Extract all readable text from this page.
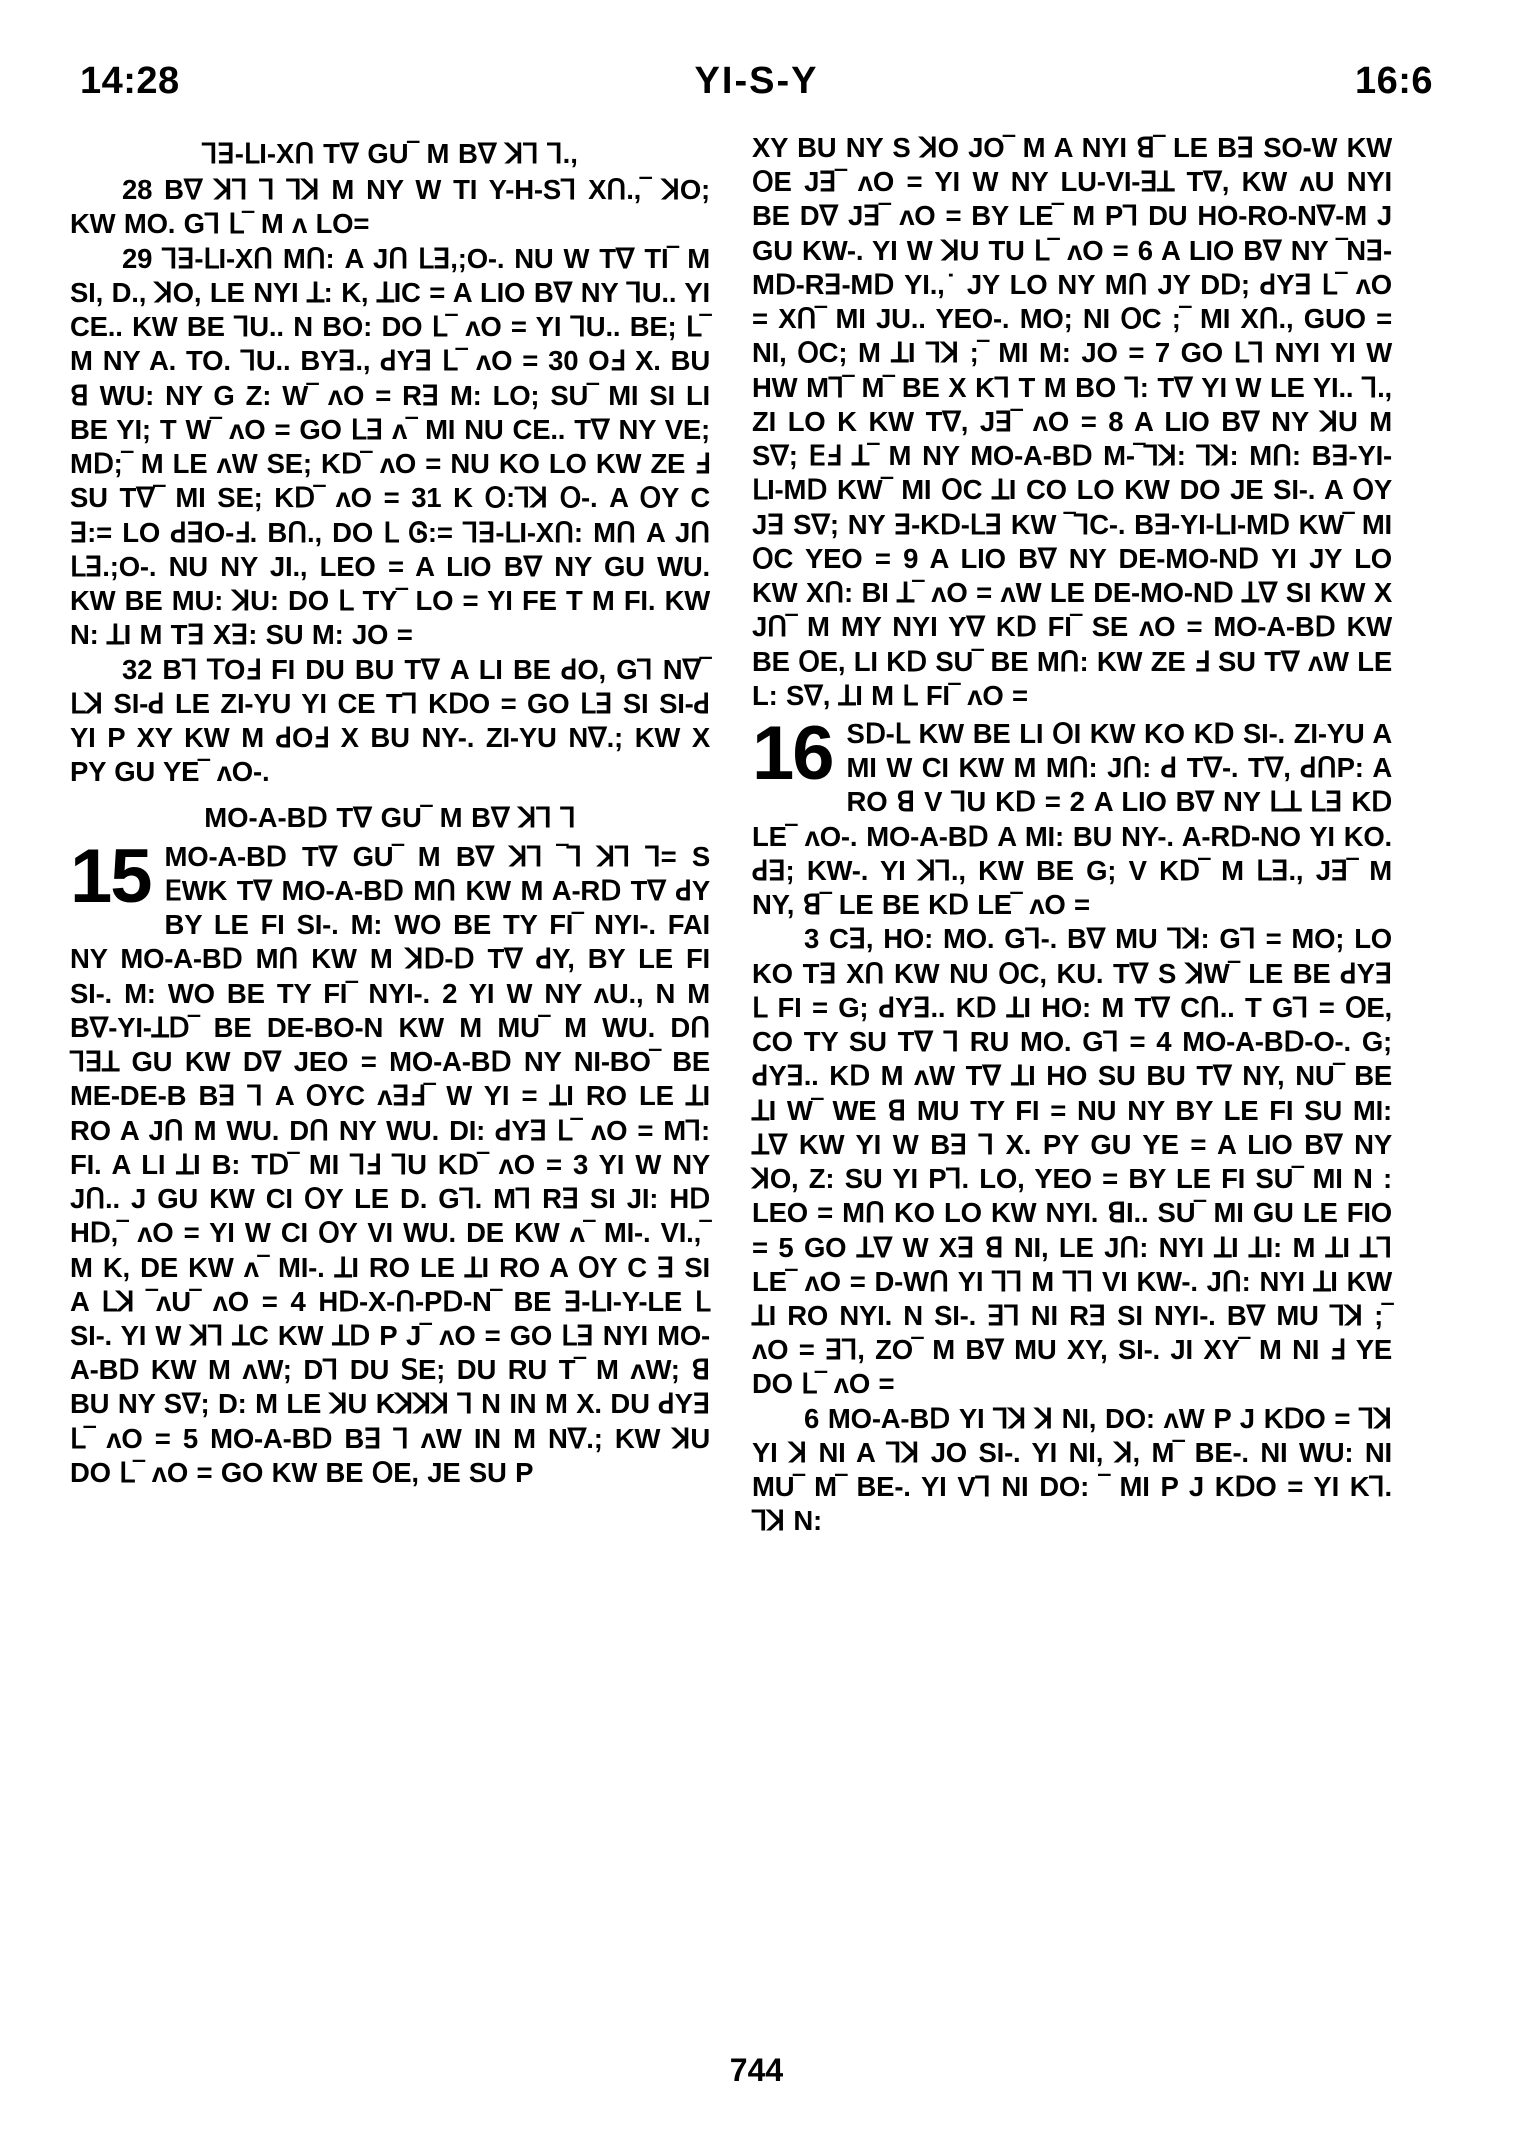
14:28	YI-S-Y	16:6
ꓶꓱ-ꓡI-Xꓵ Tᐁ GU‾ M Bᐁ ꓘꓶ ꓶ.,

28 Bᐁ ꓘꓶ ꓶ ꓶꓘ M NY W TI Y-H-Sꓶ Xꓵ.,‾ ꓘO; KW MO. Gꓶ ꓡ‾ M ᴧ LO=

29 ꓶꓱ-ꓡI-Xꓵ Mꓵ: A Jꓵ ꓡꓱ,;O-. NU W Tᐁ TI‾ M SI, D., ꓘO, LE NYI ꓕ: K, ꓕIC = A LIO Bᐁ NY ꓶU.. YI CE.. KW BE ꓶU.. N BO: DO ꓡ‾ ᴧO = YI ꓶU.. BE; ꓡ‾ M NY A. TO. ꓶU.. BYꓱ., ꓒYꓱ ꓡ‾ ᴧO = 30 Oꓞ X. BU ꓭ WU: NY G Z: W‾ ᴧO = Rꓱ M: LO; SU‾ MI SI LI BE YI; T W‾ ᴧO = GO ꓡꓱ ᴧ‾ MI NU CE.. Tᐁ NY VE; Mꓓ;‾ M LE ᴧW SE; Kꓓ‾ ᴧO = NU KO LO KW ZE ꓞ SU Tᐁ‾ MI SE; Kꓓ‾ ᴧO = 31 K ꓳ:ꓶꓘ ꓳ-. A ꓳY C ꓱ:= LO ꓒꓱO-ꓞ. Bꓵ., DO ꓡ Ꮆ:= ꓶꓱ-ꓡI-Xꓵ: Mꓵ A Jꓵ ꓡꓱ.;O-. NU NY JI., LEO = A LIO Bᐁ NY GU WU. KW BE MU: ꓘU: DO ꓡ TY‾ LO = YI FE T M FI. KW N: ꓕI M Tꓱ Xꓱ: SU M: JO =

32 Bꓶ ꓔOꓞ FI DU BU Tᐁ A LI BE ꓒO, Gꓶ Nᐁ‾ ꓡꓘ SI-ꓒ LE ZI-YU YI CE Tꓶ KꓓO = GO ꓡꓱ SI SI-ꓒ YI P XY KW M ꓒOꓞ X BU NY-. ZI-YU Nᐁ.; KW X PY GU YE‾ ᴧO-.

MO-A-Bꓓ Tᐁ GU‾ M Bᐁ ꓘꓶ ꓶ
15 MO-A-Bꓓ Tᐁ GU‾ M Bᐁ ꓘꓶ ‾ꓶ ꓘꓶ ꓶ= S ꓰWK Tᐁ MO-A-Bꓓ Mꓵ KW M A-Rꓓ Tᐁ ꓒY BY LE FI SI-. M: WO BE TY FI‾ NYI-. FAI NY MO-A-Bꓓ Mꓵ KW M ꓘꓓ-ꓓ Tᐁ ꓒY, BY LE FI SI-. M: WO BE TY FI‾ NYI-. 2 YI W NY ᴧU., N M Bᐁ-YI-ꓕꓓ‾ BE DE-BO-N KW M MU‾ M WU. Dꓵ ꓶꓱꓕ GU KW Dᐁ JEO = MO-A-Bꓓ NY NI-BO‾ BE ME-DE-B Bꓱ ꓶ A ꓳYC ᴧꓱꓞ‾ W YI = ꓕI RO LE ꓕI RO A Jꓵ M WU. Dꓵ NY WU. DI: ꓒYꓱ ꓡ‾ ᴧO = Mꓶ: FI. A LI ꓕI B: Tꓓ‾ MI ꓶꓞ ꓶU Kꓓ‾ ᴧO = 3 YI W NY Jꓵ.. J GU KW CI ꓳY LE D. Gꓶ. Mꓶ Rꓱ SI JI: Hꓓ Hꓓ,‾ ᴧO = YI W CI ꓳY VI WU. DE KW ᴧ‾ MI-. VI.,‾ M K, DE KW ᴧ‾ MI-. ꓕI RO LE ꓕI RO A ꓳY C ꓱ SI A ꓡꓘ ‾ᴧU‾ ᴧO = 4 Hꓓ-X-ꓵ-Pꓓ-N‾ BE ꓱ-ꓡI-Y-LE ꓡ SI-. YI W ꓘꓶ ꓕC KW ꓕꓓ P J‾ ᴧO = GO ꓡꓱ NYI MO-A-Bꓓ KW M ᴧW; Dꓶ DU ꓢE; DU RU T‾ M ᴧW; ꓭ BU NY Sᐁ; D: M LE ꓘU Kꓘꓘꓘ ꓶ N IN M X. DU ꓒYꓱ ꓡ‾ ᴧO = 5 MO-A-Bꓓ Bꓱ ꓶ ᴧW IN M Nᐁ.; KW ꓘU DO ꓡ‾ ᴧO = GO KW BE ꓳE, JE SU P

XY BU NY S ꓘO JO‾ M A NYI ꓭ‾ LE Bꓱ SO-W KW ꓳE Jꓱ‾ ᴧO = YI W NY LU-VI-ꓱꓕ Tᐁ, KW ᴧU NYI BE Dᐁ Jꓱ‾ ᴧO = BY LE‾ M Pꓶ DU HO-RO-Nᐁ-M J GU KW-. YI W ꓘU TU ꓡ‾ ᴧO = 6 A LIO Bᐁ NY ‾Nꓱ-Mꓓ-Rꓱ-Mꓓ YI.,˙ JY LO NY Mꓵ JY Dꓓ; ꓒYꓱ ꓡ‾ ᴧO = Xꓵ‾ MI JU.. YEO-. MO; NI ꓳC ;‾ MI Xꓵ., GUO = NI, ꓳC; M ꓕI ꓶꓘ ;‾ MI M: JO = 7 GO ꓡꓶ NYI YI W HW Mꓶ‾ M‾ BE X Kꓶ T M BO ꓶ: Tᐁ YI W LE YI.. ꓶ., ZI LO K KW Tᐁ, Jꓱ‾ ᴧO = 8 A LIO Bᐁ NY ꓘU M Sᐁ; ꓰꓞ ꓕ‾ M NY MO-A-Bꓓ M-‾ꓶꓘ: ꓶꓘ: Mꓵ: Bꓱ-YI-ꓡI-Mꓓ KW‾ MI ꓳC ꓕI CO LO KW DO JE SI-. A ꓳY Jꓱ Sᐁ; NY ꓱ-Kꓓ-ꓡꓱ KW ‾ꓶC-. Bꓱ-YI-ꓡI-Mꓓ KW‾ MI ꓳC YEO = 9 A LIO Bᐁ NY DE-MO-Nꓓ YI JY LO KW Xꓵ: BI ꓕ‾ ᴧO = ᴧW LE DE-MO-Nꓓ ꓕᐁ SI KW X Jꓵ‾ M MY NYI Yᐁ Kꓓ FI‾ SE ᴧO = MO-A-Bꓓ KW BE ꓳE, LI Kꓓ SU‾ BE Mꓵ: KW ZE ꓞ SU Tᐁ ᴧW LE L: Sᐁ, ꓕI M ꓡ FI‾ ᴧO =

16 Sꓓ-ꓡ KW BE LI ꓳI KW KO Kꓓ SI-. ZI-YU A MI W CI KW M Mꓵ: Jꓵ: ꓒ Tᐁ-. Tᐁ, ꓒꓵP: A RO ꓭ V ꓶU Kꓓ = 2 A LIO Bᐁ NY ꓡꓕ ꓡꓱ Kꓓ LE‾ ᴧO-. MO-A-Bꓓ A MI: BU NY-. A-Rꓓ-NO YI KO. ꓒꓱ; KW-. YI ꓘꓶ., KW BE G; V Kꓓ‾ M ꓡꓱ., Jꓱ‾ M NY, ꓭ‾ LE BE Kꓓ LE‾ ᴧO =

3 Cꓱ, HO: MO. Gꓶ-. Bᐁ MU ꓶꓘ: Gꓶ = MO; LO KO Tꓱ Xꓵ KW NU ꓳC, KU. Tᐁ S ꓘW‾ LE BE ꓒYꓱ ꓡ FI = G; ꓒYꓱ.. Kꓓ ꓕI HO: M Tᐁ Cꓵ.. T Gꓶ = ꓳE, CO TY SU Tᐁ ꓶ RU MO. Gꓶ = 4 MO-A-Bꓓ-O-. G; ꓒYꓱ.. Kꓓ M ᴧW Tᐁ ꓕI HO SU BU Tᐁ NY, NU‾ BE ꓕI W‾ WE ꓭ MU TY FI = NU NY BY LE FI SU MI: ꓕᐁ KW YI W Bꓱ ꓶ X. PY GU YE = A LIO Bᐁ NY ꓘO, Z: SU YI Pꓶ. LO, YEO = BY LE FI SU‾ MI N : LEO = Mꓵ KO LO KW NYI. ꓭI.. SU‾ MI GU LE FIO = 5 GO ꓕᐁ W Xꓱ ꓭ NI, LE Jꓵ: NYI ꓕI ꓕI: M ꓕI ꓕꓶ LE‾ ᴧO = D-Wꓵ YI ꓶꓶ M ꓶꓶ VI KW-. Jꓵ: NYI ꓕI KW ꓕI RO NYI. N SI-. ꓱꓶ NI Rꓱ SI NYI-. Bᐁ MU ꓶꓘ ;‾ ᴧO = ꓱꓶ, ZO‾ M Bᐁ MU XY, SI-. JI XY‾ M NI ꓞ YE DO ꓡ‾ ᴧO =

6 MO-A-Bꓓ YI ꓶꓘ ꓘ NI, DO: ᴧW P J KꓓO = ꓶꓘ YI ꓘ NI A ꓶꓘ JO SI-. YI NI, ꓘ, M‾ BE-. NI WU: NI MU‾ M‾ BE-. YI Vꓶ NI DO: ‾ MI P J KꓓO = YI Kꓶ. ꓶꓘ N:

744
